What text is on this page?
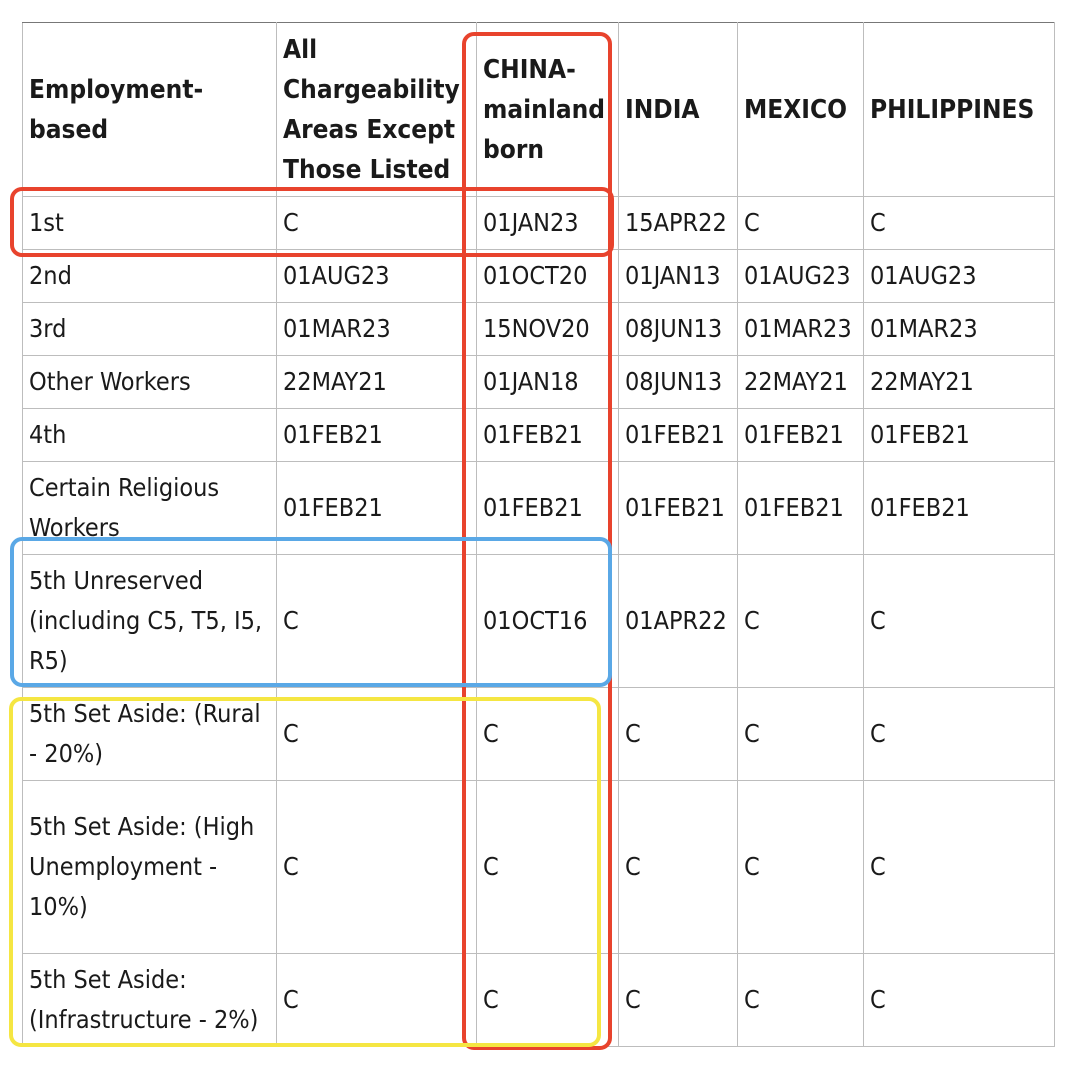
Employment-based	All Chargeability Areas Except Those Listed	CHINA-mainland born	INDIA	MEXICO	PHILIPPINES
1st	C	01JAN23	15APR22	C	C
2nd	01AUG23	01OCT20	01JAN13	01AUG23	01AUG23
3rd	01MAR23	15NOV20	08JUN13	01MAR23	01MAR23
Other Workers	22MAY21	01JAN18	08JUN13	22MAY21	22MAY21
4th	01FEB21	01FEB21	01FEB21	01FEB21	01FEB21
Certain Religious Workers	01FEB21	01FEB21	01FEB21	01FEB21	01FEB21
5th Unreserved (including C5, T5, I5, R5)	C	01OCT16	01APR22	C	C
5th Set Aside: (Rural - 20%)	C	C	C	C	C
5th Set Aside: (High Unemployment - 10%)	C	C	C	C	C
5th Set Aside: (Infrastructure - 2%)	C	C	C	C	C
